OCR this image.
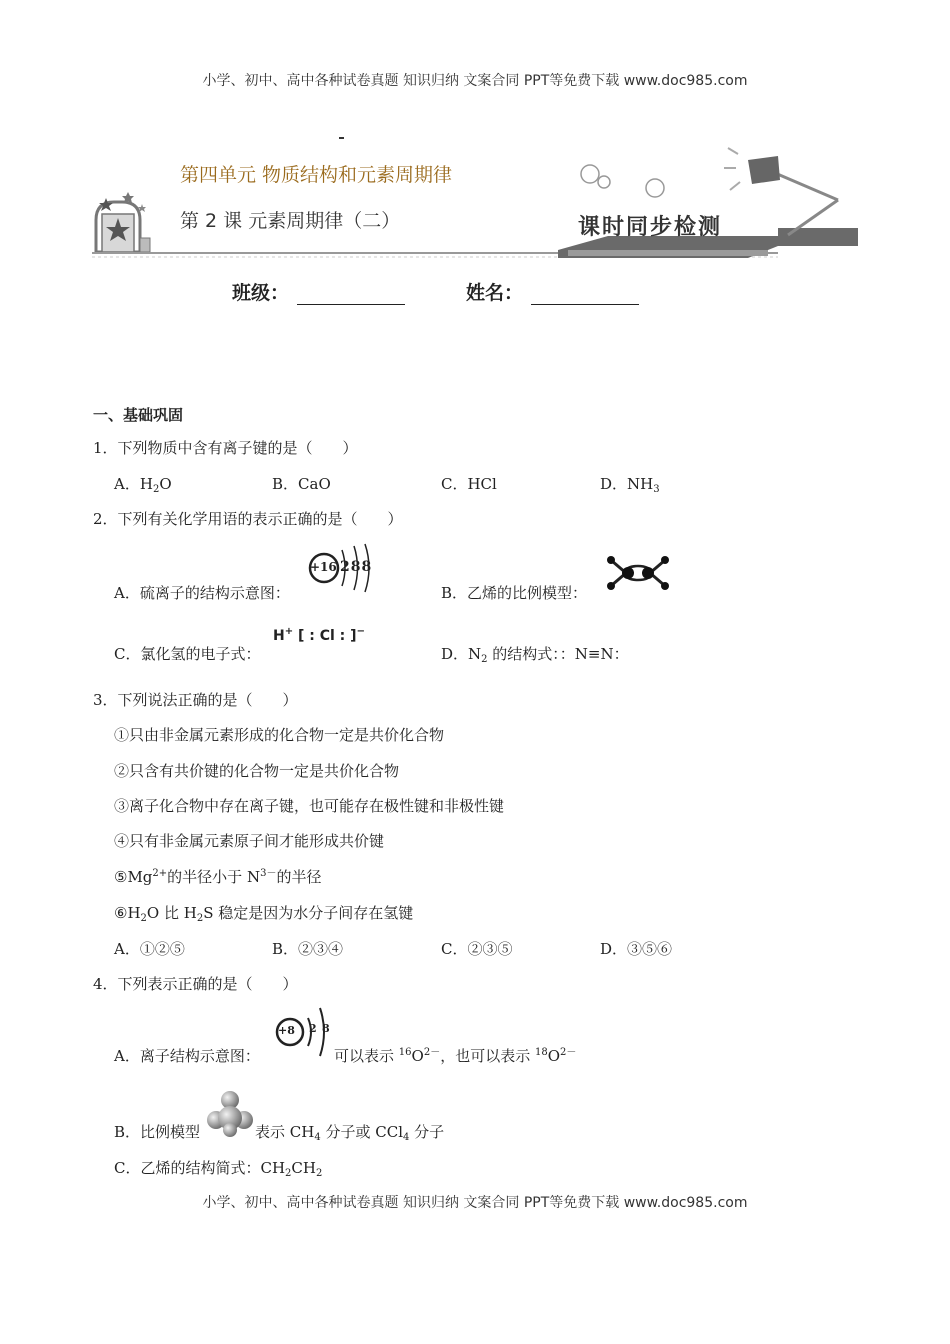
小学、初中、高中各种试卷真题 知识归纳 文案合同 PPT等免费下载 www.doc985.com
小学、初中、高中各种试卷真题 知识归纳 文案合同 PPT等免费下载 www.doc985.com
第四单元 物质结构和元素周期律
第 2 课 元素周期律（二）	课时同步检测
班级：	姓名：
一、基础巩固
1．下列物质中含有离子键的是（　　）
A．$H_2O$	B．CaO	C．HCl	D．$NH_3$
2．下列有关化学用语的表示正确的是（　　）
A．硫离子的结构示意图：
+16 288
B．乙烯的比例模型：
C．氯化氢的电子式：
H+ [ : Cl : ]−
D．$N_2$ 的结构式：：N≡N：
3．下列说法正确的是（　　）
①只由非金属元素形成的化合物一定是共价化合物
②只含有共价键的化合物一定是共价化合物
③离子化合物中存在离子键，也可能存在极性键和非极性键
④只有非金属元素原子间才能形成共价键
$⑤Mg^{2+}$的半径小于 $N^{3-}$的半径
$⑥H_2O$ 比 $H_2S$ 稳定是因为水分子间存在氢键
A．①②⑤	B．②③④	C．②③⑤	D．③⑤⑥
4．下列表示正确的是（　　）
A．离子结构示意图：
+8 2 8
可以表示 $^{16}O^{2-}$，也可以表示 $^{18}O^{2-}$
B．比例模型	表示 $CH_4$ 分子或 CCl$_4$ 分子
C．乙烯的结构简式：$CH_2CH_2$
